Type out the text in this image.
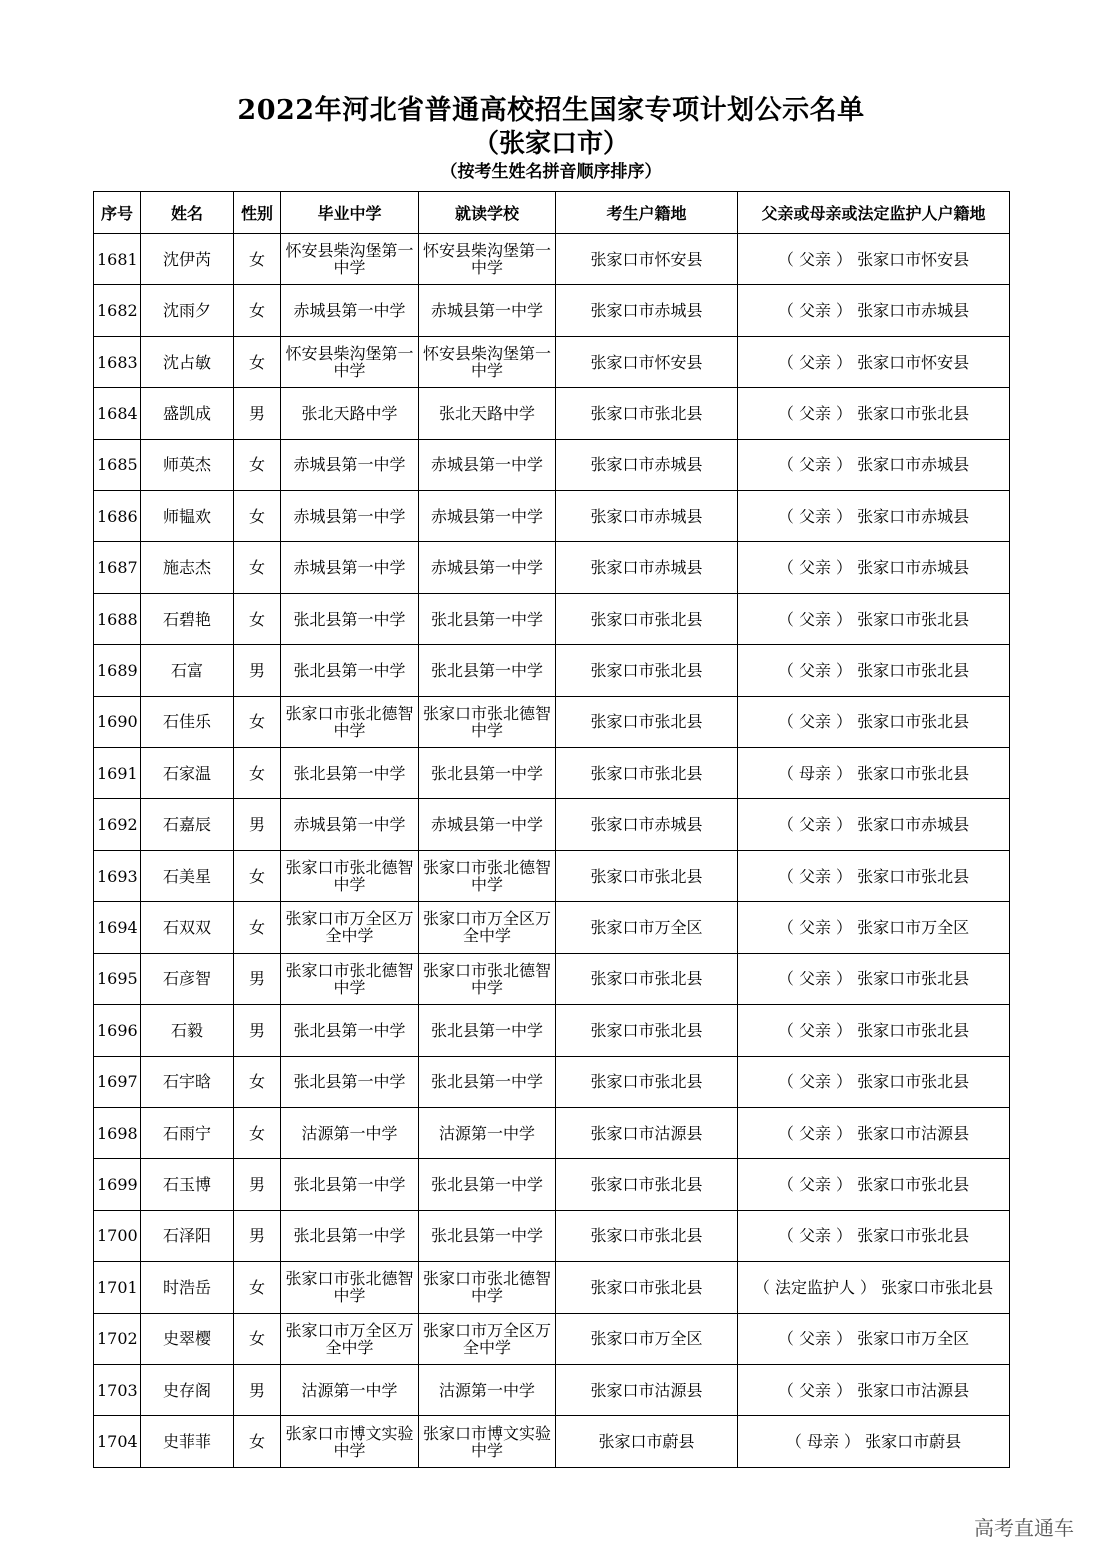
2022年河北省普通高校招生国家专项计划公示名单
（张家口市）
（按考生姓名拼音顺序排序）
序号	姓名	性别	毕业中学	就读学校	考生户籍地	父亲或母亲或法定监护人户籍地
1681	沈伊芮	女	怀安县柴沟堡第一中学	怀安县柴沟堡第一中学	张家口市怀安县	（ 父亲 ） 张家口市怀安县
1682	沈雨夕	女	赤城县第一中学	赤城县第一中学	张家口市赤城县	（ 父亲 ） 张家口市赤城县
1683	沈占敏	女	怀安县柴沟堡第一中学	怀安县柴沟堡第一中学	张家口市怀安县	（ 父亲 ） 张家口市怀安县
1684	盛凯成	男	张北天路中学	张北天路中学	张家口市张北县	（ 父亲 ） 张家口市张北县
1685	师英杰	女	赤城县第一中学	赤城县第一中学	张家口市赤城县	（ 父亲 ） 张家口市赤城县
1686	师韫欢	女	赤城县第一中学	赤城县第一中学	张家口市赤城县	（ 父亲 ） 张家口市赤城县
1687	施志杰	女	赤城县第一中学	赤城县第一中学	张家口市赤城县	（ 父亲 ） 张家口市赤城县
1688	石碧艳	女	张北县第一中学	张北县第一中学	张家口市张北县	（ 父亲 ） 张家口市张北县
1689	石富	男	张北县第一中学	张北县第一中学	张家口市张北县	（ 父亲 ） 张家口市张北县
1690	石佳乐	女	张家口市张北德智中学	张家口市张北德智中学	张家口市张北县	（ 父亲 ） 张家口市张北县
1691	石家温	女	张北县第一中学	张北县第一中学	张家口市张北县	（ 母亲 ） 张家口市张北县
1692	石嘉辰	男	赤城县第一中学	赤城县第一中学	张家口市赤城县	（ 父亲 ） 张家口市赤城县
1693	石美星	女	张家口市张北德智中学	张家口市张北德智中学	张家口市张北县	（ 父亲 ） 张家口市张北县
1694	石双双	女	张家口市万全区万全中学	张家口市万全区万全中学	张家口市万全区	（ 父亲 ） 张家口市万全区
1695	石彦智	男	张家口市张北德智中学	张家口市张北德智中学	张家口市张北县	（ 父亲 ） 张家口市张北县
1696	石毅	男	张北县第一中学	张北县第一中学	张家口市张北县	（ 父亲 ） 张家口市张北县
1697	石宇晗	女	张北县第一中学	张北县第一中学	张家口市张北县	（ 父亲 ） 张家口市张北县
1698	石雨宁	女	沽源第一中学	沽源第一中学	张家口市沽源县	（ 父亲 ） 张家口市沽源县
1699	石玉博	男	张北县第一中学	张北县第一中学	张家口市张北县	（ 父亲 ） 张家口市张北县
1700	石泽阳	男	张北县第一中学	张北县第一中学	张家口市张北县	（ 父亲 ） 张家口市张北县
1701	时浩岳	女	张家口市张北德智中学	张家口市张北德智中学	张家口市张北县	（ 法定监护人 ） 张家口市张北县
1702	史翠樱	女	张家口市万全区万全中学	张家口市万全区万全中学	张家口市万全区	（ 父亲 ） 张家口市万全区
1703	史存阁	男	沽源第一中学	沽源第一中学	张家口市沽源县	（ 父亲 ） 张家口市沽源县
1704	史菲菲	女	张家口市博文实验中学	张家口市博文实验中学	张家口市蔚县	（ 母亲 ） 张家口市蔚县
高考直通车
